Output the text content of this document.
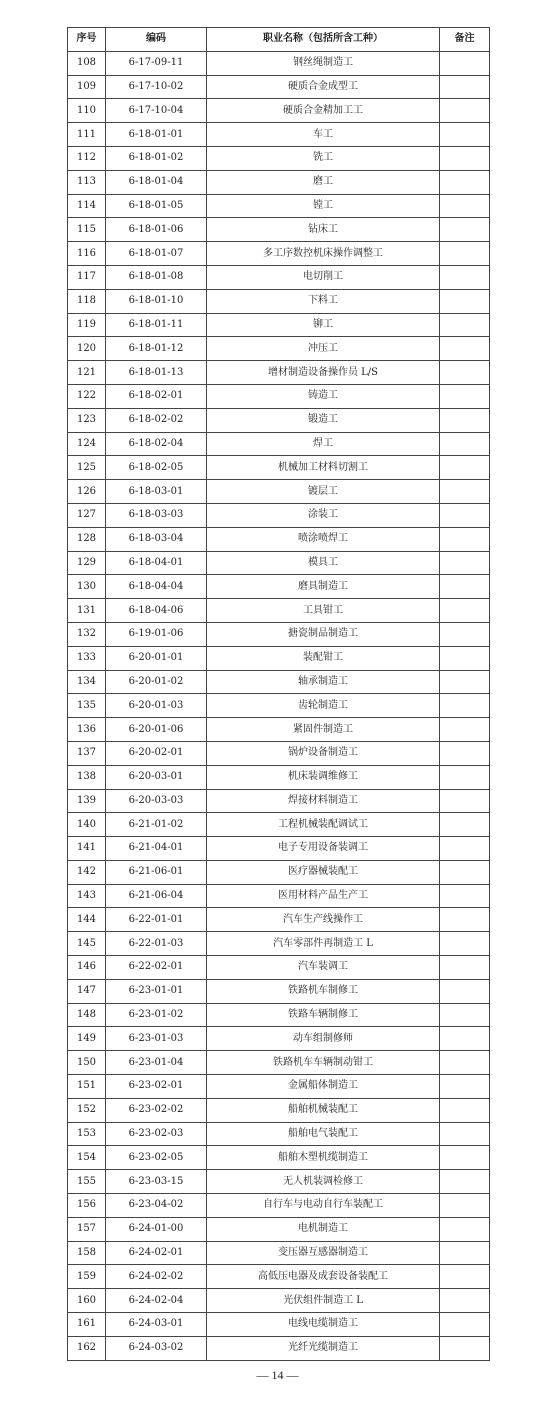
序号	编码	职业名称（包括所含工种）	备注
108	6-17-09-11	钢丝绳制造工	
109	6-17-10-02	硬质合金成型工	
110	6-17-10-04	硬质合金精加工工	
111	6-18-01-01	车工	
112	6-18-01-02	铣工	
113	6-18-01-04	磨工	
114	6-18-01-05	镗工	
115	6-18-01-06	钻床工	
116	6-18-01-07	多工序数控机床操作调整工	
117	6-18-01-08	电切削工	
118	6-18-01-10	下料工	
119	6-18-01-11	铆工	
120	6-18-01-12	冲压工	
121	6-18-01-13	增材制造设备操作员 L/S	
122	6-18-02-01	铸造工	
123	6-18-02-02	锻造工	
124	6-18-02-04	焊工	
125	6-18-02-05	机械加工材料切割工	
126	6-18-03-01	镀层工	
127	6-18-03-03	涂装工	
128	6-18-03-04	喷涂喷焊工	
129	6-18-04-01	模具工	
130	6-18-04-04	磨具制造工	
131	6-18-04-06	工具钳工	
132	6-19-01-06	搪瓷制品制造工	
133	6-20-01-01	装配钳工	
134	6-20-01-02	轴承制造工	
135	6-20-01-03	齿轮制造工	
136	6-20-01-06	紧固件制造工	
137	6-20-02-01	锅炉设备制造工	
138	6-20-03-01	机床装调维修工	
139	6-20-03-03	焊接材料制造工	
140	6-21-01-02	工程机械装配调试工	
141	6-21-04-01	电子专用设备装调工	
142	6-21-06-01	医疗器械装配工	
143	6-21-06-04	医用材料产品生产工	
144	6-22-01-01	汽车生产线操作工	
145	6-22-01-03	汽车零部件再制造工 L	
146	6-22-02-01	汽车装调工	
147	6-23-01-01	铁路机车制修工	
148	6-23-01-02	铁路车辆制修工	
149	6-23-01-03	动车组制修师	
150	6-23-01-04	铁路机车车辆制动钳工	
151	6-23-02-01	金属船体制造工	
152	6-23-02-02	船舶机械装配工	
153	6-23-02-03	船舶电气装配工	
154	6-23-02-05	船舶木塑机缆制造工	
155	6-23-03-15	无人机装调检修工	
156	6-23-04-02	自行车与电动自行车装配工	
157	6-24-01-00	电机制造工	
158	6-24-02-01	变压器互感器制造工	
159	6-24-02-02	高低压电器及成套设备装配工	
160	6-24-02-04	光伏组件制造工 L	
161	6-24-03-01	电线电缆制造工	
162	6-24-03-02	光纤光缆制造工	
— 14 —
